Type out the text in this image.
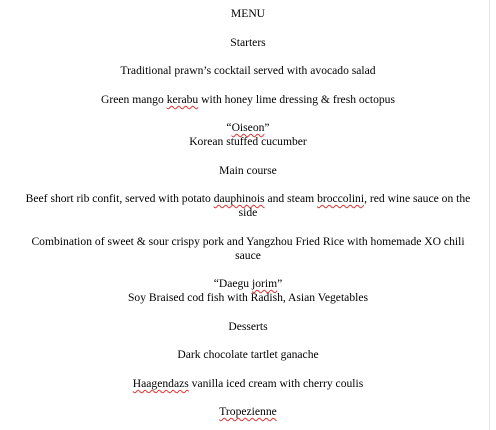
MENU
Starters
Traditional prawn’s cocktail served with avocado salad
Green mango kerabu with honey lime dressing & fresh octopus
“Oiseon”
Korean stuffed cucumber
Main course
Beef short rib confit, served with potato dauphinois and steam broccolini, red wine sauce on the
side
Combination of sweet & sour crispy pork and Yangzhou Fried Rice with homemade XO chili
sauce
“Daegu jorim”
Soy Braised cod fish with Radish, Asian Vegetables
Desserts
Dark chocolate tartlet ganache
Haagendazs vanilla iced cream with cherry coulis
Tropezienne
